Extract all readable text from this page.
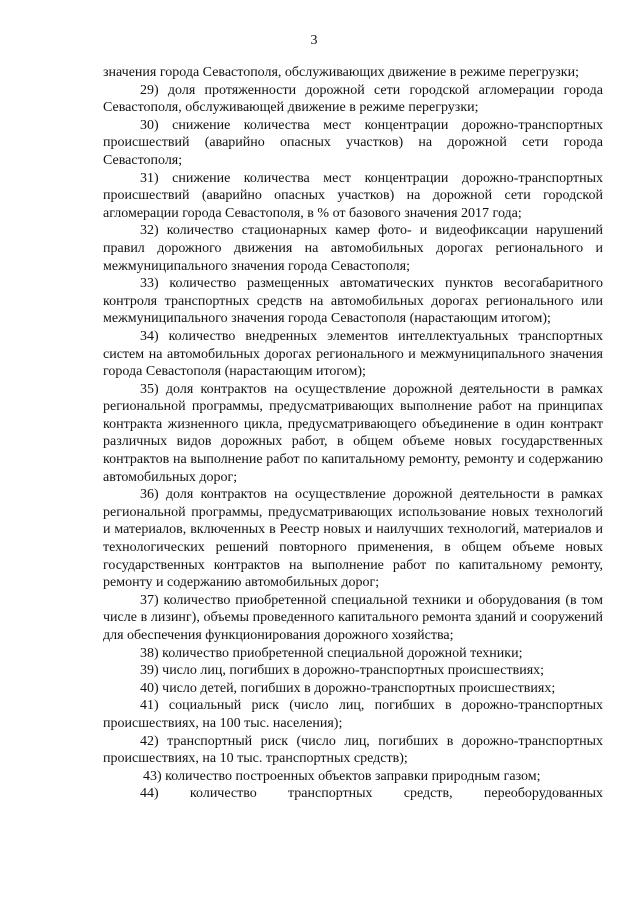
3

значения города Севастополя, обслуживающих движение в режиме перегрузки;

29) доля протяженности дорожной сети городской агломерации города Севастополя, обслуживающей движение в режиме перегрузки;

30) снижение количества мест концентрации дорожно-транспортных происшествий (аварийно опасных участков) на дорожной сети города Севастополя;

31) снижение количества мест концентрации дорожно-транспортных происшествий (аварийно опасных участков) на дорожной сети городской агломерации города Севастополя, в % от базового значения 2017 года;

32) количество стационарных камер фото- и видеофиксации нарушений правил дорожного движения на автомобильных дорогах регионального и межмуниципального значения города Севастополя;

33) количество размещенных автоматических пунктов весогабаритного контроля транспортных средств на автомобильных дорогах регионального или межмуниципального значения города Севастополя (нарастающим итогом);

34) количество внедренных элементов интеллектуальных транспортных систем на автомобильных дорогах регионального и межмуниципального значения города Севастополя (нарастающим итогом);

35) доля контрактов на осуществление дорожной деятельности в рамках региональной программы, предусматривающих выполнение работ на принципах контракта жизненного цикла, предусматривающего объединение в один контракт различных видов дорожных работ, в общем объеме новых государственных контрактов на выполнение работ по капитальному ремонту, ремонту и содержанию автомобильных дорог;

36) доля контрактов на осуществление дорожной деятельности в рамках региональной программы, предусматривающих использование новых технологий и материалов, включенных в Реестр новых и наилучших технологий, материалов и технологических решений повторного применения, в общем объеме новых государственных контрактов на выполнение работ по капитальному ремонту, ремонту и содержанию автомобильных дорог;

37) количество приобретенной специальной техники и оборудования (в том числе в лизинг), объемы проведенного капитального ремонта зданий и сооружений для обеспечения функционирования дорожного хозяйства;

38) количество приобретенной специальной дорожной техники;

39) число лиц, погибших в дорожно-транспортных происшествиях;

40) число детей, погибших в дорожно-транспортных происшествиях;

41) социальный риск (число лиц, погибших в дорожно-транспортных происшествиях, на 100 тыс. населения);

42) транспортный риск (число лиц, погибших в дорожно-транспортных происшествиях, на 10 тыс. транспортных средств);

43) количество построенных объектов заправки природным газом;

44) количество транспортных средств, переоборудованных
